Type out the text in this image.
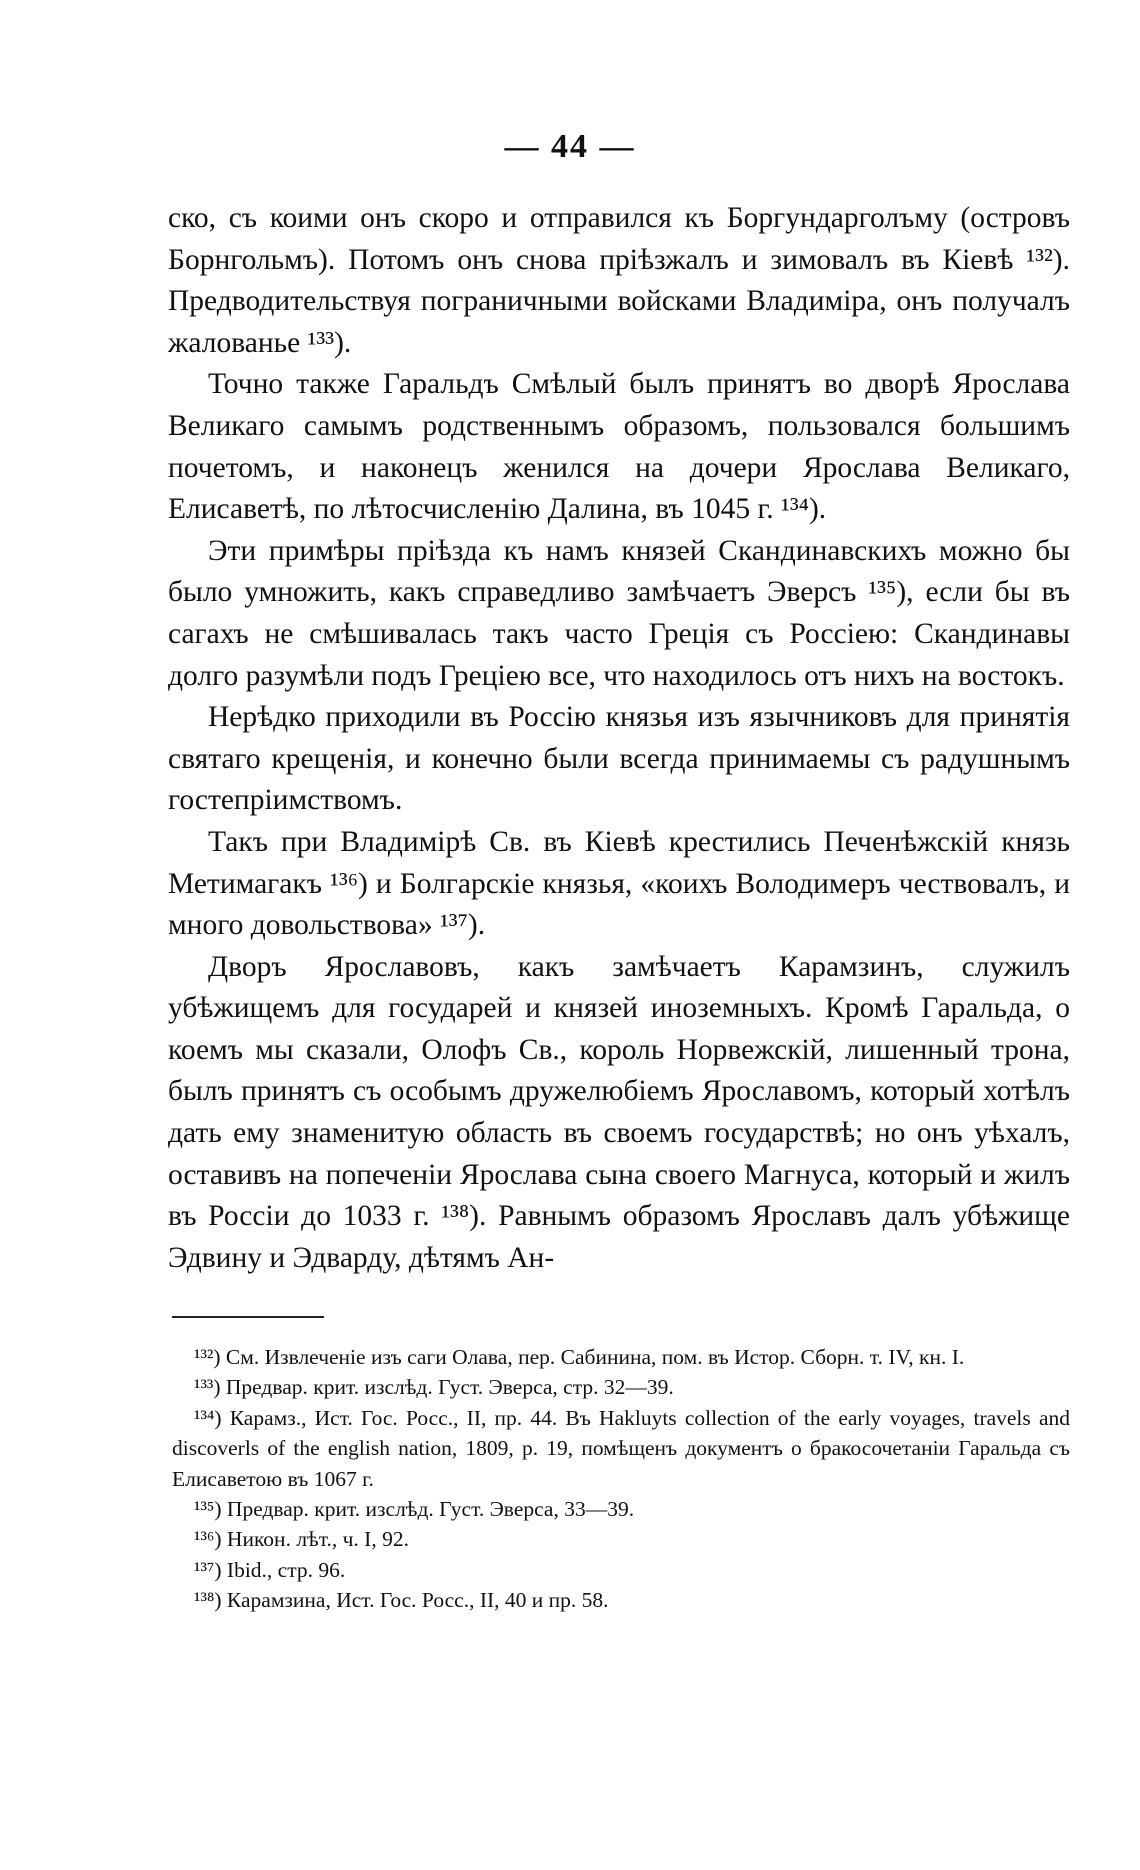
— 44 —

ско, съ коими онъ скоро и отправился къ Боргундарголъму (островъ Борнгольмъ). Потомъ онъ снова пріѣзжалъ и зимовалъ въ Кіевѣ ¹³²). Предводительствуя пограничными войсками Владиміра, онъ получалъ жалованье ¹³³).

Точно также Гаральдъ Смѣлый былъ принятъ во дворѣ Ярослава Великаго самымъ родственнымъ образомъ, пользовался большимъ почетомъ, и наконецъ женился на дочери Ярослава Великаго, Елисаветѣ, по лѣтосчисленію Далина, въ 1045 г. ¹³⁴).

Эти примѣры пріѣзда къ намъ князей Скандинавскихъ можно бы было умножить, какъ справедливо замѣчаетъ Эверсъ ¹³⁵), если бы въ сагахъ не смѣшивалась такъ часто Греція съ Россіею: Скандинавы долго разумѣли подъ Греціею все, что находилось отъ нихъ на востокъ.

Нерѣдко приходили въ Россію князья изъ язычниковъ для принятія святаго крещенія, и конечно были всегда принимаемы съ радушнымъ гостепріимствомъ.

Такъ при Владимірѣ Св. въ Кіевѣ крестились Печенѣжскій князь Метимагакъ ¹³⁶) и Болгарскіе князья, «коихъ Володимеръ чествовалъ, и много довольствова» ¹³⁷).

Дворъ Ярославовъ, какъ замѣчаетъ Карамзинъ, служилъ убѣжищемъ для государей и князей иноземныхъ. Кромѣ Гаральда, о коемъ мы сказали, Олофъ Св., король Норвежскій, лишенный трона, былъ принятъ съ особымъ дружелюбіемъ Ярославомъ, который хотѣлъ дать ему знаменитую область въ своемъ государствѣ; но онъ уѣхалъ, оставивъ на попеченіи Ярослава сына своего Магнуса, который и жилъ въ Россіи до 1033 г. ¹³⁸). Равнымъ образомъ Ярославъ далъ убѣжище Эдвину и Эдварду, дѣтямъ Ан-

¹³²) См. Извлеченіе изъ саги Олава, пер. Сабинина, пом. въ Истор. Сборн. т. IV, кн. I.

¹³³) Предвар. крит. изслѣд. Густ. Эверса, стр. 32—39.

¹³⁴) Карамз., Ист. Гос. Росс., II, пр. 44. Въ Hakluyts collection of the early voyages, travels and discoverls of the english nation, 1809, p. 19, помѣщенъ документъ о бракосочетаніи Гаральда съ Елисаветою въ 1067 г.

¹³⁵) Предвар. крит. изслѣд. Густ. Эверса, 33—39.

¹³⁶) Никон. лѣт., ч. I, 92.

¹³⁷) Ibid., стр. 96.

¹³⁸) Карамзина, Ист. Гос. Росс., II, 40 и пр. 58.
